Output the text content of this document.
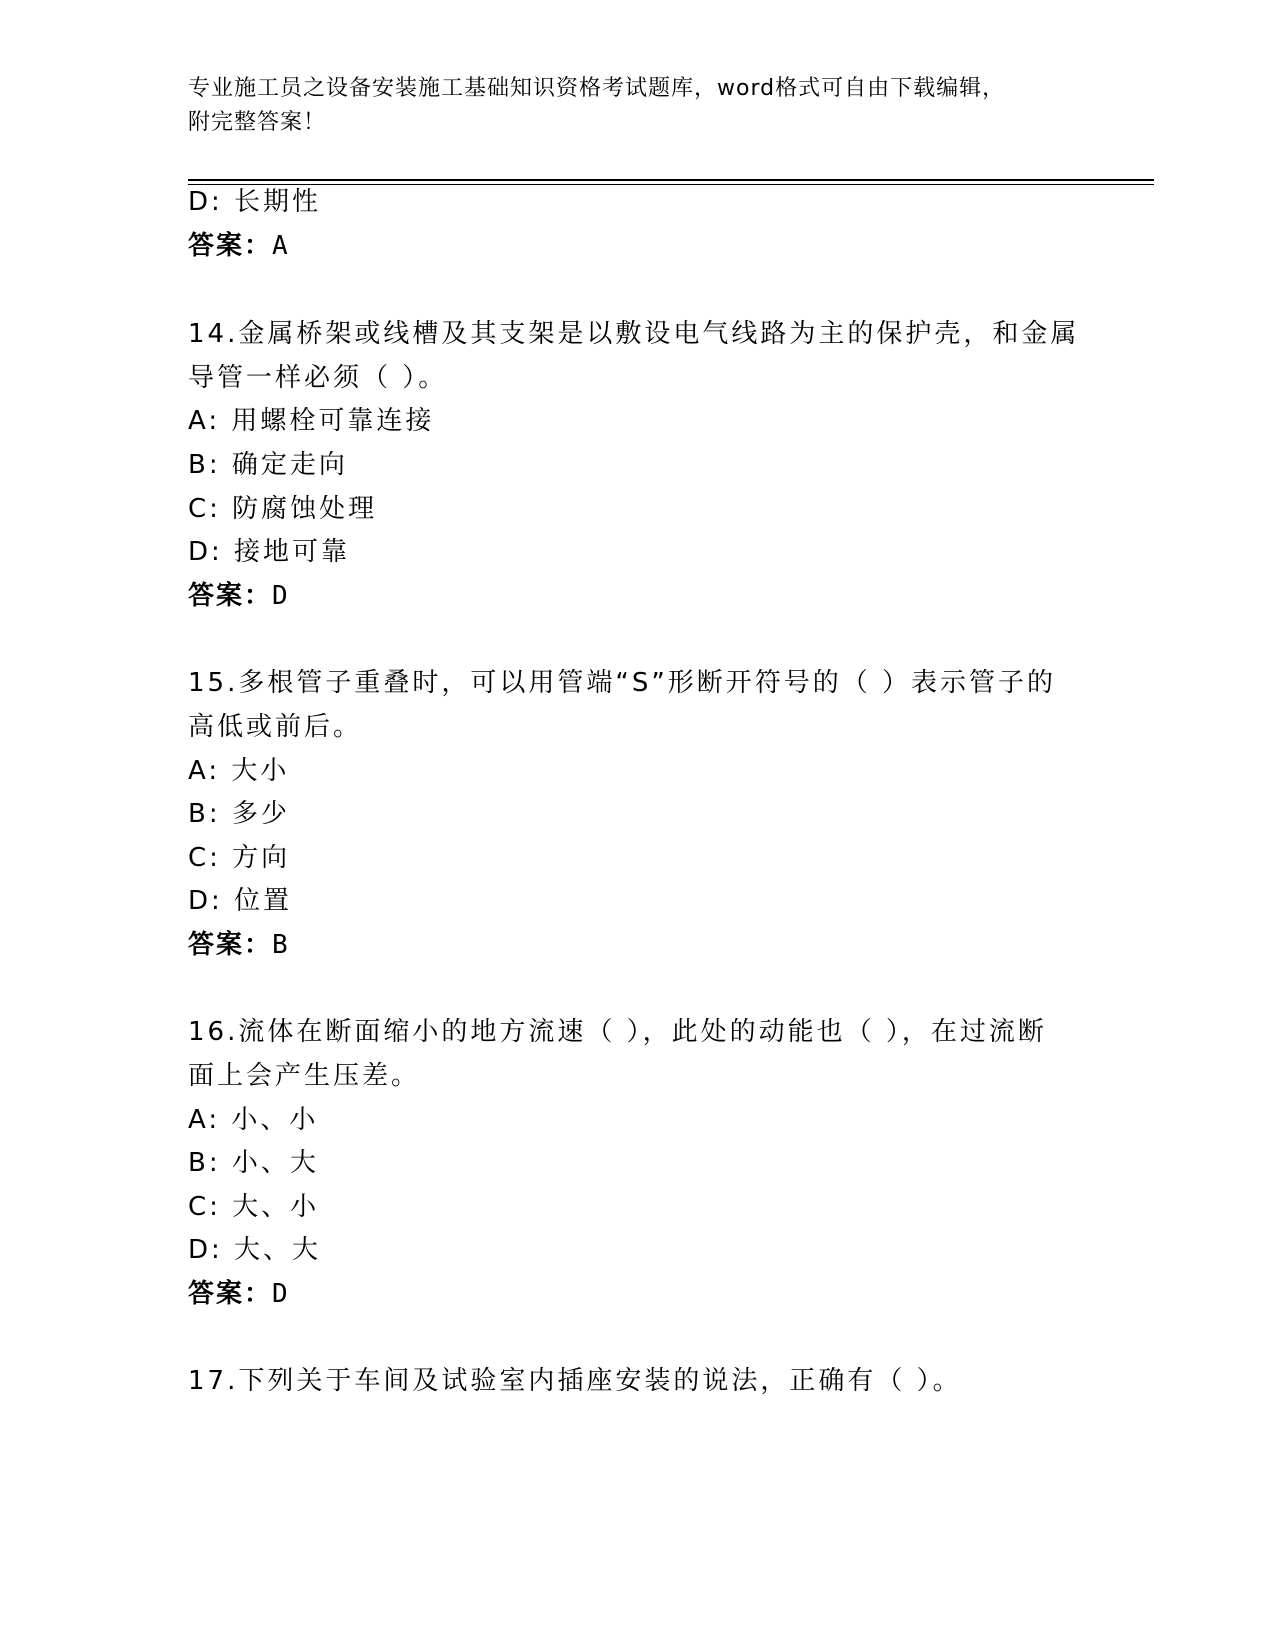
专业施工员之设备安装施工基础知识资格考试题库，word格式可自由下载编辑，
附完整答案！
D: 长期性
答案：A
14.金属桥架或线槽及其支架是以敷设电气线路为主的保护壳，和金属
导管一样必须（ ）。
A: 用螺栓可靠连接
B: 确定走向
C: 防腐蚀处理
D: 接地可靠
答案：D
15.多根管子重叠时，可以用管端“S”形断开符号的（ ）表示管子的
高低或前后。
A: 大小
B: 多少
C: 方向
D: 位置
答案：B
16.流体在断面缩小的地方流速（ ），此处的动能也（ ），在过流断
面上会产生压差。
A: 小、小
B: 小、大
C: 大、小
D: 大、大
答案：D
17.下列关于车间及试验室内插座安装的说法，正确有（ ）。
